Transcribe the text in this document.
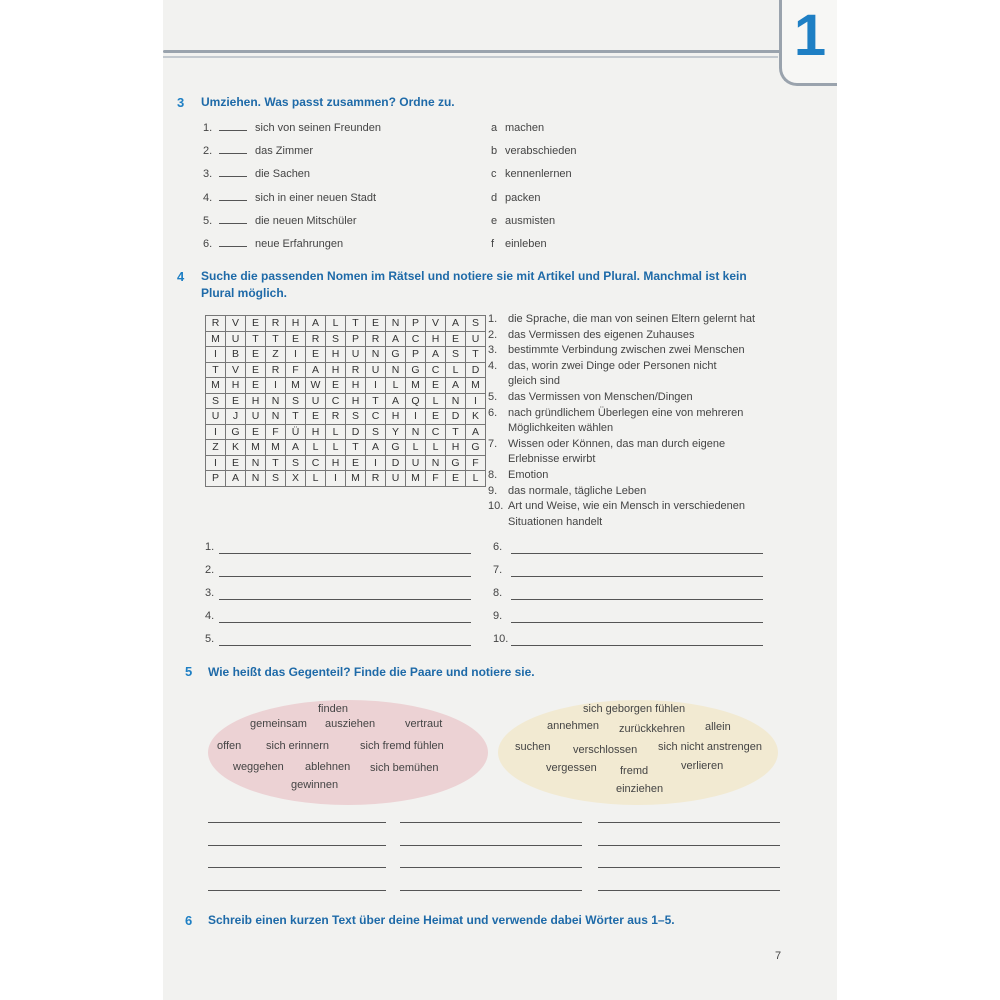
1
3 Umziehen. Was passt zusammen? Ordne zu.
1.	sich von seinen Freunden
2.	das Zimmer
3.	die Sachen
4.	sich in einer neuen Stadt
5.	die neuen Mitschüler
6.	neue Erfahrungen
a machen
b verabschieden
c kennenlernen
d packen
e ausmisten
f einleben
4 Suche die passenden Nomen im Rätsel und notiere sie mit Artikel und Plural. Manchmal ist kein
Plural möglich.
R	V	E	R	H	A	L	T	E	N	P	V	A	S
M	U	T	T	E	R	S	P	R	A	C	H	E	U
I	B	E	Z	I	E	H	U	N	G	P	A	S	T
T	V	E	R	F	A	H	R	U	N	G	C	L	D
M	H	E	I	M	W	E	H	I	L	M	E	A	M
S	E	H	N	S	U	C	H	T	A	Q	L	N	I
U	J	U	N	T	E	R	S	C	H	I	E	D	K
I	G	E	F	Ü	H	L	D	S	Y	N	C	T	A
Z	K	M	M	A	L	L	T	A	G	L	L	H	G
I	E	N	T	S	C	H	E	I	D	U	N	G	F
P	A	N	S	X	L	I	M	R	U	M	F	E	L
1. die Sprache, die man von seinen Eltern gelernt hat
2. das Vermissen des eigenen Zuhauses
3. bestimmte Verbindung zwischen zwei Menschen
4. das, worin zwei Dinge oder Personen nicht
gleich sind
5. das Vermissen von Menschen/Dingen
6. nach gründlichem Überlegen eine von mehreren
Möglichkeiten wählen
7. Wissen oder Können, das man durch eigene
Erlebnisse erwirbt
8. Emotion
9. das normale, tägliche Leben
10. Art und Weise, wie ein Mensch in verschiedenen
Situationen handelt
1.
2.
3.
4.
5.
6.
7.
8.
9.
10.
5 Wie heißt das Gegenteil? Finde die Paare und notiere sie.
finden
gemeinsam ausziehen	vertraut
offen sich erinnern	sich fremd fühlen
weggehen ablehnen sich bemühen
gewinnen
sich geborgen fühlen
annehmen zurückkehren allein
suchen verschlossen sich nicht anstrengen
vergessen fremd	verlieren
einziehen
6 Schreib einen kurzen Text über deine Heimat und verwende dabei Wörter aus 1–5.
7
